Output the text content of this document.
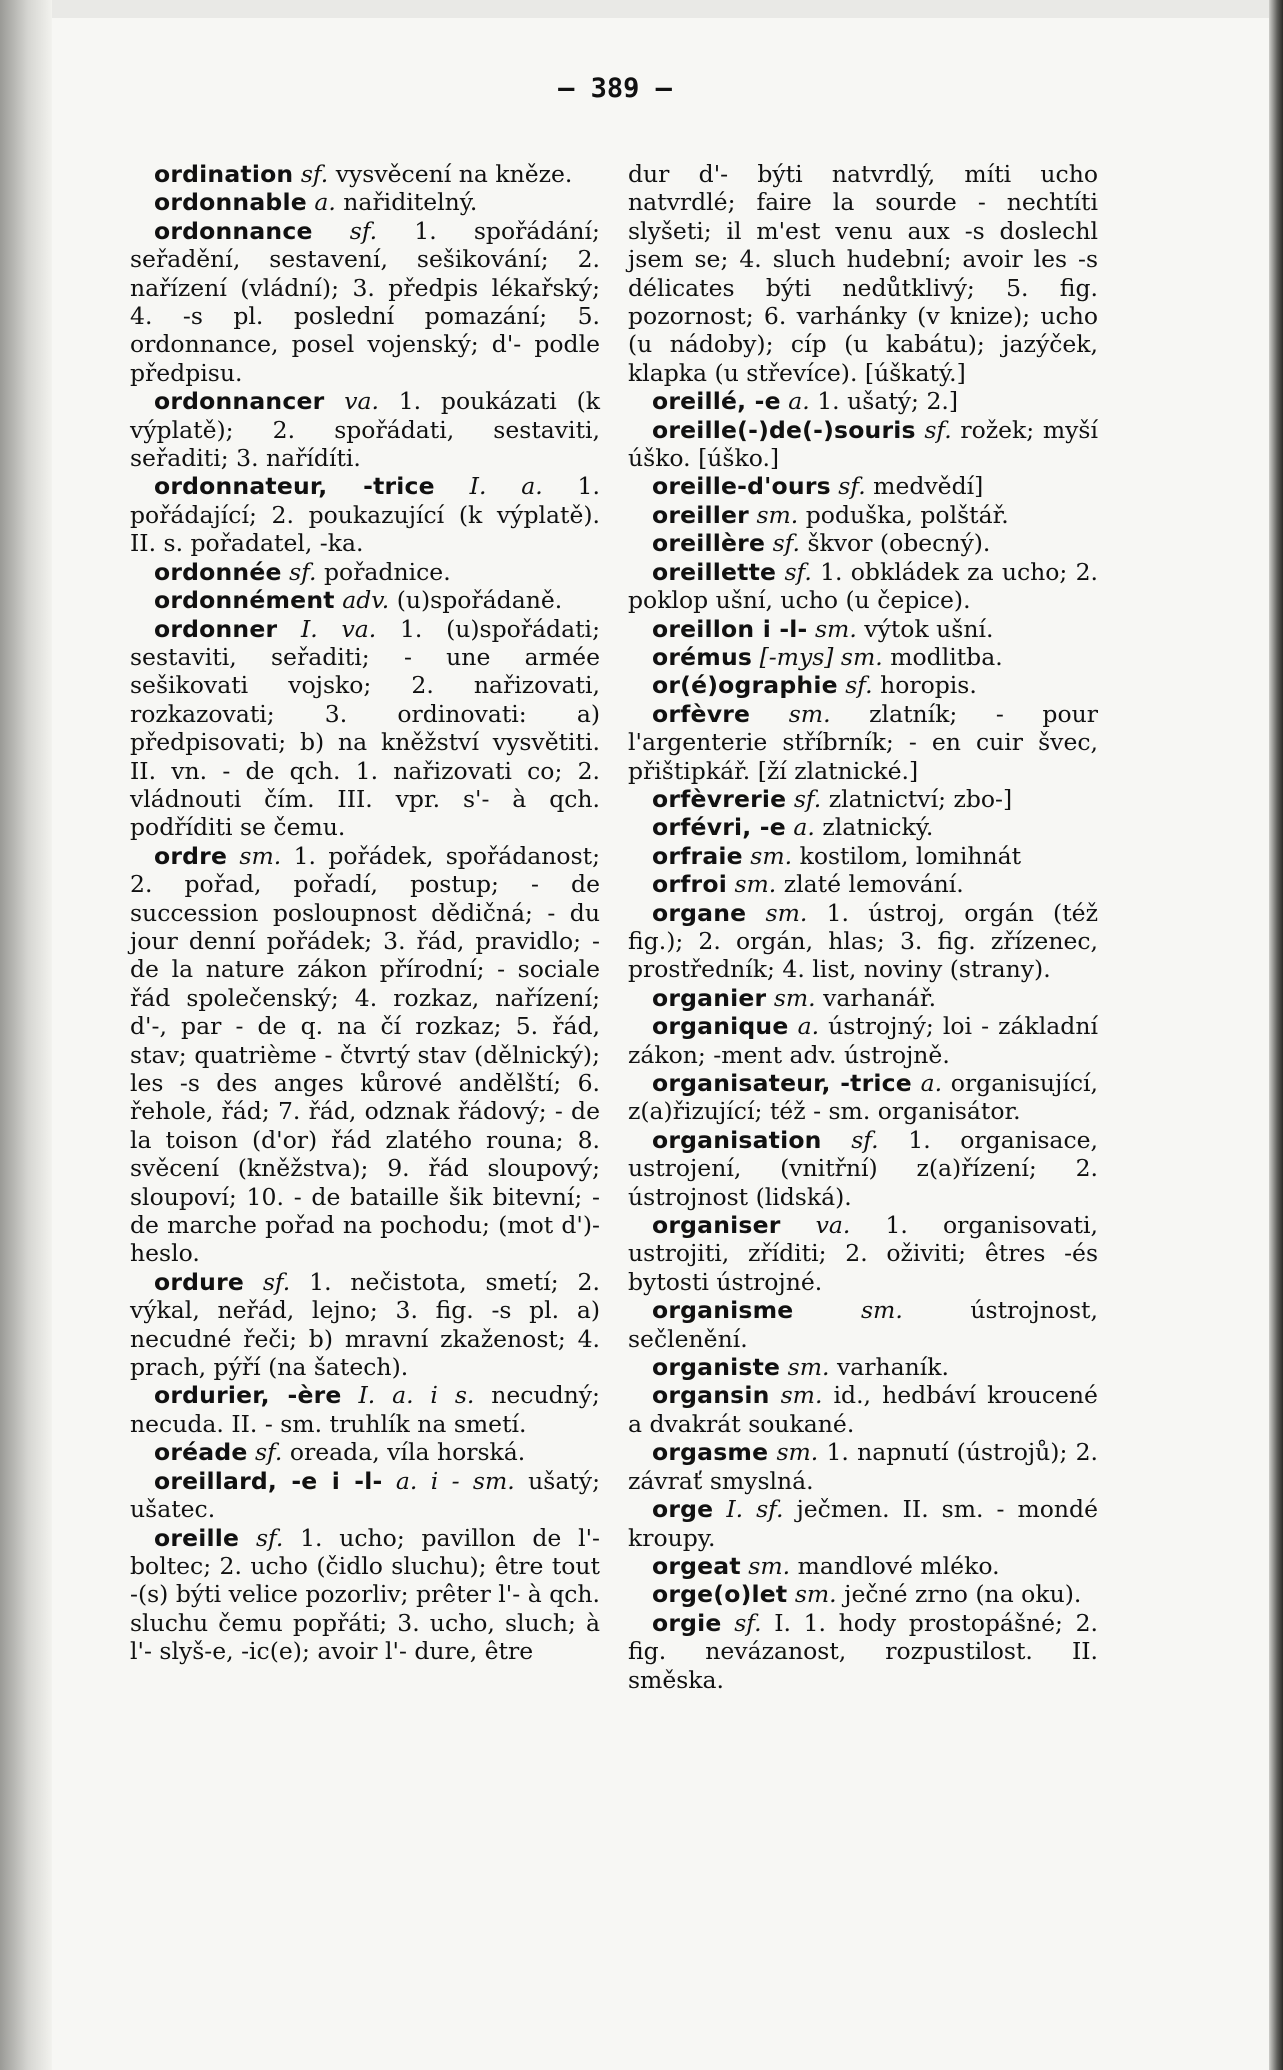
— 389 —

ordination sf. vysvěcení na kněze.

ordonnable a. nařiditelný.

ordonnance sf. 1. spořádání; seřadění, sestavení, sešikování; 2. nařízení (vládní); 3. předpis lékařský; 4. -s pl. poslední pomazání; 5. ordonnance, posel vojenský; d'- podle předpisu.

ordonnancer va. 1. poukázati (k výplatě); 2. spořádati, sestaviti, seřaditi; 3. nařídíti.

ordonnateur, -trice I. a. 1. pořádající; 2. poukazující (k výplatě). II. s. pořadatel, -ka.

ordonnée sf. pořadnice.

ordonnément adv. (u)spořádaně.

ordonner I. va. 1. (u)spořádati; sestaviti, seřaditi; - une armée sešikovati vojsko; 2. nařizovati, rozkazovati; 3. ordinovati: a) předpisovati; b) na kněžství vysvětiti. II. vn. - de qch. 1. nařizovati co; 2. vládnouti čím. III. vpr. s'- à qch. podříditi se čemu.

ordre sm. 1. pořádek, spořádanost; 2. pořad, pořadí, postup; - de succession posloupnost dědičná; - du jour denní pořádek; 3. řád, pravidlo; - de la nature zákon přírodní; - sociale řád společenský; 4. rozkaz, nařízení; d'-, par - de q. na čí rozkaz; 5. řád, stav; quatrième - čtvrtý stav (dělnický); les -s des anges kůrové andělští; 6. řehole, řád; 7. řád, odznak řádový; - de la toison (d'or) řád zlatého rouna; 8. svěcení (kněžstva); 9. řád sloupový; sloupoví; 10. - de bataille šik bitevní; - de marche pořad na pochodu; (mot d')- heslo.

ordure sf. 1. nečistota, smetí; 2. výkal, neřád, lejno; 3. fig. -s pl. a) necudné řeči; b) mravní zkaženost; 4. prach, pýří (na šatech).

ordurier, -ère I. a. i s. necudný; necuda. II. - sm. truhlík na smetí.

oréade sf. oreada, víla horská.

oreillard, -e i -l- a. i - sm. ušatý; ušatec.

oreille sf. 1. ucho; pavillon de l'- boltec; 2. ucho (čidlo sluchu); être tout -(s) býti velice pozorliv; prêter l'- à qch. sluchu čemu popřáti; 3. ucho, sluch; à l'- slyš-e, -ic(e); avoir l'- dure, être

dur d'- býti natvrdlý, míti ucho natvrdlé; faire la sourde - nechtíti slyšeti; il m'est venu aux -s doslechl jsem se; 4. sluch hudební; avoir les -s délicates býti nedůtklivý; 5. fig. pozornost; 6. varhánky (v knize); ucho (u nádoby); cíp (u kabátu); jazýček, klapka (u střevíce). [úškatý.]

oreillé, -e a. 1. ušatý; 2.]

oreille(-)de(-)souris sf. rožek; myší úško. [úško.]

oreille-d'ours sf. medvědí]

oreiller sm. poduška, polštář.

oreillère sf. škvor (obecný).

oreillette sf. 1. obkládek za ucho; 2. poklop ušní, ucho (u čepice).

oreillon i -l- sm. výtok ušní.

orémus [-mys] sm. modlitba.

or(é)ographie sf. horopis.

orfèvre sm. zlatník; - pour l'argenterie stříbrník; - en cuir švec, přištipkář. [ží zlatnické.]

orfèvrerie sf. zlatnictví; zbo-]

orfévri, -e a. zlatnický.

orfraie sm. kostilom, lomihnát

orfroi sm. zlaté lemování.

organe sm. 1. ústroj, orgán (též fig.); 2. orgán, hlas; 3. fig. zřízenec, prostředník; 4. list, noviny (strany).

organier sm. varhanář.

organique a. ústrojný; loi - základní zákon; -ment adv. ústrojně.

organisateur, -trice a. organisující, z(a)řizující; též - sm. organisátor.

organisation sf. 1. organisace, ustrojení, (vnitřní) z(a)řízení; 2. ústrojnost (lidská).

organiser va. 1. organisovati, ustrojiti, zříditi; 2. oživiti; êtres -és bytosti ústrojné.

organisme	sm.	ústrojnost, sečlenění.

organiste sm. varhaník.

organsin sm. id., hedbáví kroucené a dvakrát soukané.

orgasme sm. 1. napnutí (ústrojů); 2. závrať smyslná.

orge I. sf. ječmen. II. sm. - mondé kroupy.

orgeat sm. mandlové mléko.

orge(o)let sm. ječné zrno (na oku).

orgie sf. I. 1. hody prostopášné; 2. fig. nevázanost, rozpustilost. II. směska.
